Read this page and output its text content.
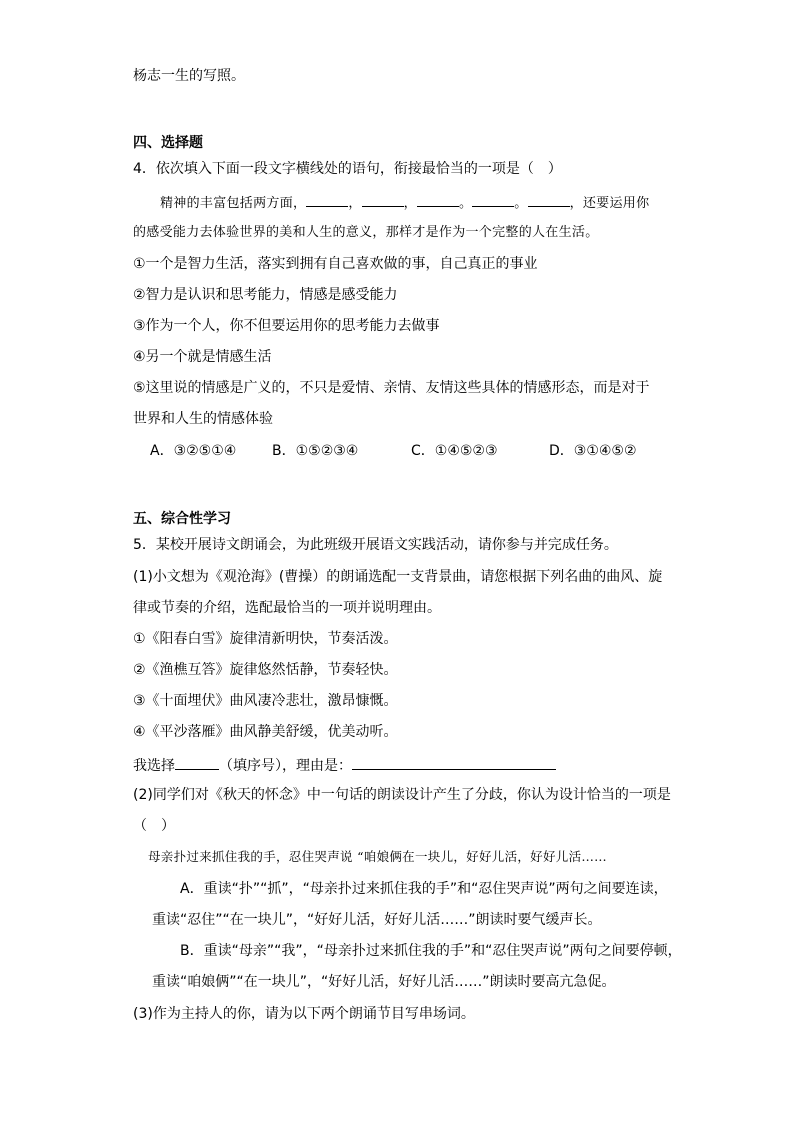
杨志一生的写照。
四、选择题
4．依次填入下面一段文字横线处的语句，衔接最恰当的一项是（　）
精神的丰富包括两方面，	，	，	。	。	，还要运用你
的感受能力去体验世界的美和人生的意义，那样才是作为一个完整的人在生活。
①一个是智力生活，落实到拥有自己喜欢做的事，自己真正的事业
②智力是认识和思考能力，情感是感受能力
③作为一个人，你不但要运用你的思考能力去做事
④另一个就是情感生活
⑤这里说的情感是广义的，不只是爱情、亲情、友情这些具体的情感形态，而是对于
世界和人生的情感体验
A．③②⑤①④	B．①⑤②③④	C．①④⑤②③	D．③①④⑤②
五、综合性学习
5．某校开展诗文朗诵会，为此班级开展语文实践活动，请你参与并完成任务。
(1)小文想为《观沧海》(曹操）的朗诵选配一支背景曲，请您根据下列名曲的曲风、旋
律或节奏的介绍，选配最恰当的一项并说明理由。
①《阳春白雪》旋律清新明快，节奏活泼。
②《渔樵互答》旋律悠然恬静，节奏轻快。
③《十面埋伏》曲风凄冷悲壮，激昂慷慨。
④《平沙落雁》曲风静美舒缓，优美动听。
我选择	（填序号），理由是：
(2)同学们对《秋天的怀念》中一句话的朗读设计产生了分歧，你认为设计恰当的一项是
（　）
母亲扑过来抓住我的手，忍住哭声说 “咱娘俩在一块儿，好好儿活，好好儿活……
A．重读“扑”“抓”，“母亲扑过来抓住我的手”和“忍住哭声说”两句之间要连读，
重读“忍住”“在一块儿”，“好好儿活，好好儿活……”朗读时要气缓声长。
B．重读“母亲”“我”，“母亲扑过来抓住我的手”和“忍住哭声说”两句之间要停顿，
重读“咱娘俩”“在一块儿”，“好好儿活，好好儿活……”朗读时要高亢急促。
(3)作为主持人的你，请为以下两个朗诵节目写串场词。
